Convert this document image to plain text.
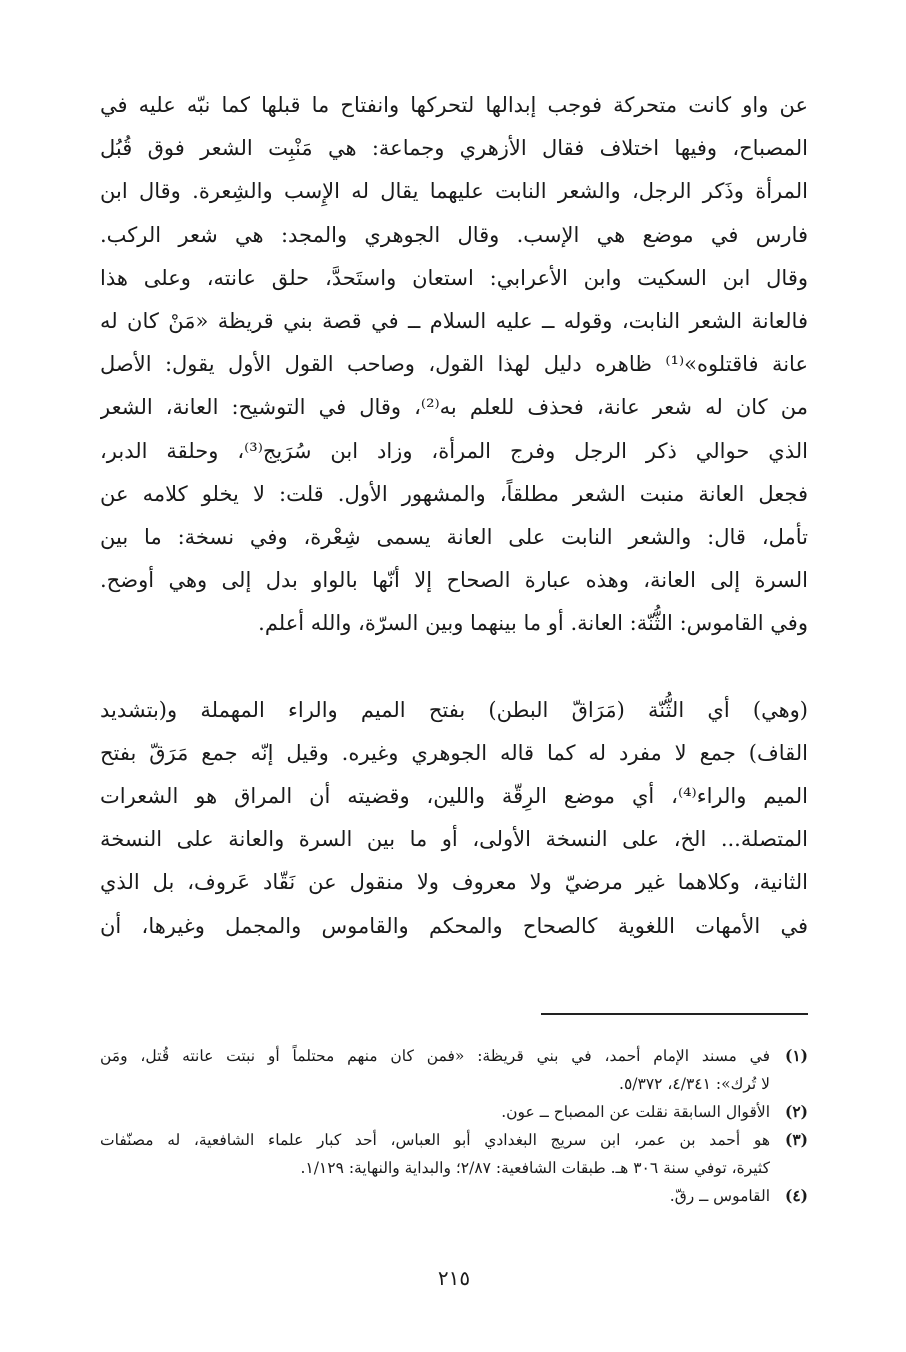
عن واو كانت متحركة فوجب إبدالها لتحركها وانفتاح ما قبلها كما نبّه عليه في
المصباح، وفيها اختلاف فقال الأزهري وجماعة: هي مَنْبِت الشعر فوق قُبُل
المرأة وذَكر الرجل، والشعر النابت عليهما يقال له الإِسب والشِعرة. وقال ابن
فارس في موضع هي الإسب. وقال الجوهري والمجد: هي شعر الركب.
وقال ابن السكيت وابن الأعرابي: استعان واستَحدَّ، حلق عانته، وعلى هذا
فالعانة الشعر النابت، وقوله ــ عليه السلام ــ في قصة بني قريظة «مَنْ كان له
عانة فاقتلوه»⁽¹⁾ ظاهره دليل لهذا القول، وصاحب القول الأول يقول: الأصل
من كان له شعر عانة، فحذف للعلم به⁽²⁾، وقال في التوشيح: العانة، الشعر
الذي حوالي ذكر الرجل وفرج المرأة، وزاد ابن سُرَيج⁽³⁾، وحلقة الدبر،
فجعل العانة منبت الشعر مطلقاً، والمشهور الأول. قلت: لا يخلو كلامه عن
تأمل، قال: والشعر النابت على العانة يسمى شِعْرة، وفي نسخة: ما بين
السرة إلى العانة، وهذه عبارة الصحاح إلا أنّها بالواو بدل إلى وهي أوضح.
وفي القاموس: الثُّنّة: العانة. أو ما بينهما وبين السرّة، والله أعلم.
(وهي) أي الثُّنّة (مَرَاقّ البطن) بفتح الميم والراء المهملة و(بتشديد
القاف) جمع لا مفرد له كما قاله الجوهري وغيره. وقيل إنّه جمع مَرَقّ بفتح
الميم والراء⁽⁴⁾، أي موضع الرِقّة واللين، وقضيته أن المراق هو الشعرات
المتصلة... الخ، على النسخة الأولى، أو ما بين السرة والعانة على النسخة
الثانية، وكلاهما غير مرضيّ ولا معروف ولا منقول عن نَقّاد عَروف، بل الذي
في الأمهات اللغوية كالصحاح والمحكم والقاموس والمجمل وغيرها، أن
(١)
في مسند الإمام أحمد، في بني قريظة: «فمن كان منهم محتلماً أو نبتت عانته قُتل، ومَن
لا تُرك»: ٤/٣٤١، ٥/٣٧٢.
(٢)
الأقوال السابقة نقلت عن المصباح ــ عون.
(٣)
هو أحمد بن عمر، ابن سريج البغدادي أبو العباس، أحد كبار علماء الشافعية، له مصنّفات
كثيرة، توفي سنة ٣٠٦ هـ. طبقات الشافعية: ٢/٨٧؛ والبداية والنهاية: ١/١٢٩.
(٤)
القاموس ــ رقّ.
٢١٥
